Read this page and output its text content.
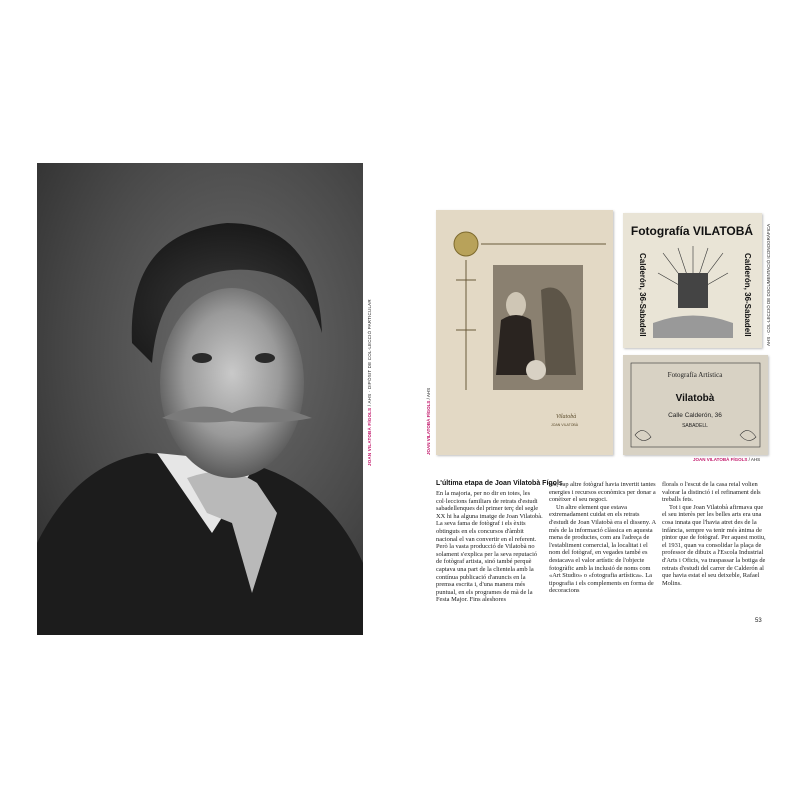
JOAN VILATOBÀ FÍGOLS / AHS · DIPÒSIT DE COL·LECCIÓ PARTICULAR
Vilatobà
JOAN VILATOBÀ
Fotografía VILATOBÁ
Calderón, 36-Sabadell	Calderón, 36-Sabadell
Fotografía Artística
Vilatobà
Calle Calderón, 36
SABADELL
JOAN VILATOBÀ FÍGOLS / AHS
AHS · COL·LECCIÓ DE DOCUMENTACIÓ ICONOGRÀFICA
JOAN VILATOBÀ FÍGOLS / AHS
L'última etapa de Joan Vilatobà Fígols

En la majoria, per no dir en totes, les col·leccions familiars de retrats d'estudi sabadellenques del primer terç del segle XX hi ha alguna imatge de Joan Vilatobà. La seva fama de fotògraf i els èxits obtinguts en els concursos d'àmbit nacional el van convertir en el referent. Però la vasta producció de Vilatobà no solament s'explica per la seva reputació de fotògraf artista, sinó també perquè captava una part de la clientela amb la contínua publicació d'anuncis en la premsa escrita i, d'una manera més puntual, en els programes de mà de la Festa Major. Fins aleshores

res, cap altre fotògraf havia invertit tantes energies i recursos econòmics per donar a conèixer el seu negoci.

Un altre element que estava extremadament cuidat en els retrats d'estudi de Joan Vilatobà era el disseny. A més de la informació clàssica en aquesta mena de productes, com ara l'adreça de l'establiment comercial, la localitat i el nom del fotògraf, en vegades també es destacava el valor artístic de l'objecte fotogràfic amb la inclusió de noms com «Art Studio» o «fotografia artística». La tipografia i els complements en forma de decoracions

florals o l'escut de la casa reial volien valorar la distinció i el refinament dels treballs fets.

Tot i que Joan Vilatobà afirmava que el seu interès per les belles arts era una cosa innata que l'havia atret des de la infància, sempre va tenir més ànima de pintor que de fotògraf. Per aquest motiu, el 1931, quan va consolidar la plaça de professor de dibuix a l'Escola Industrial d'Arts i Oficis, va traspassar la botiga de retrats d'estudi del carrer de Calderón al que havia estat el seu deixeble, Rafael Molins.

53
